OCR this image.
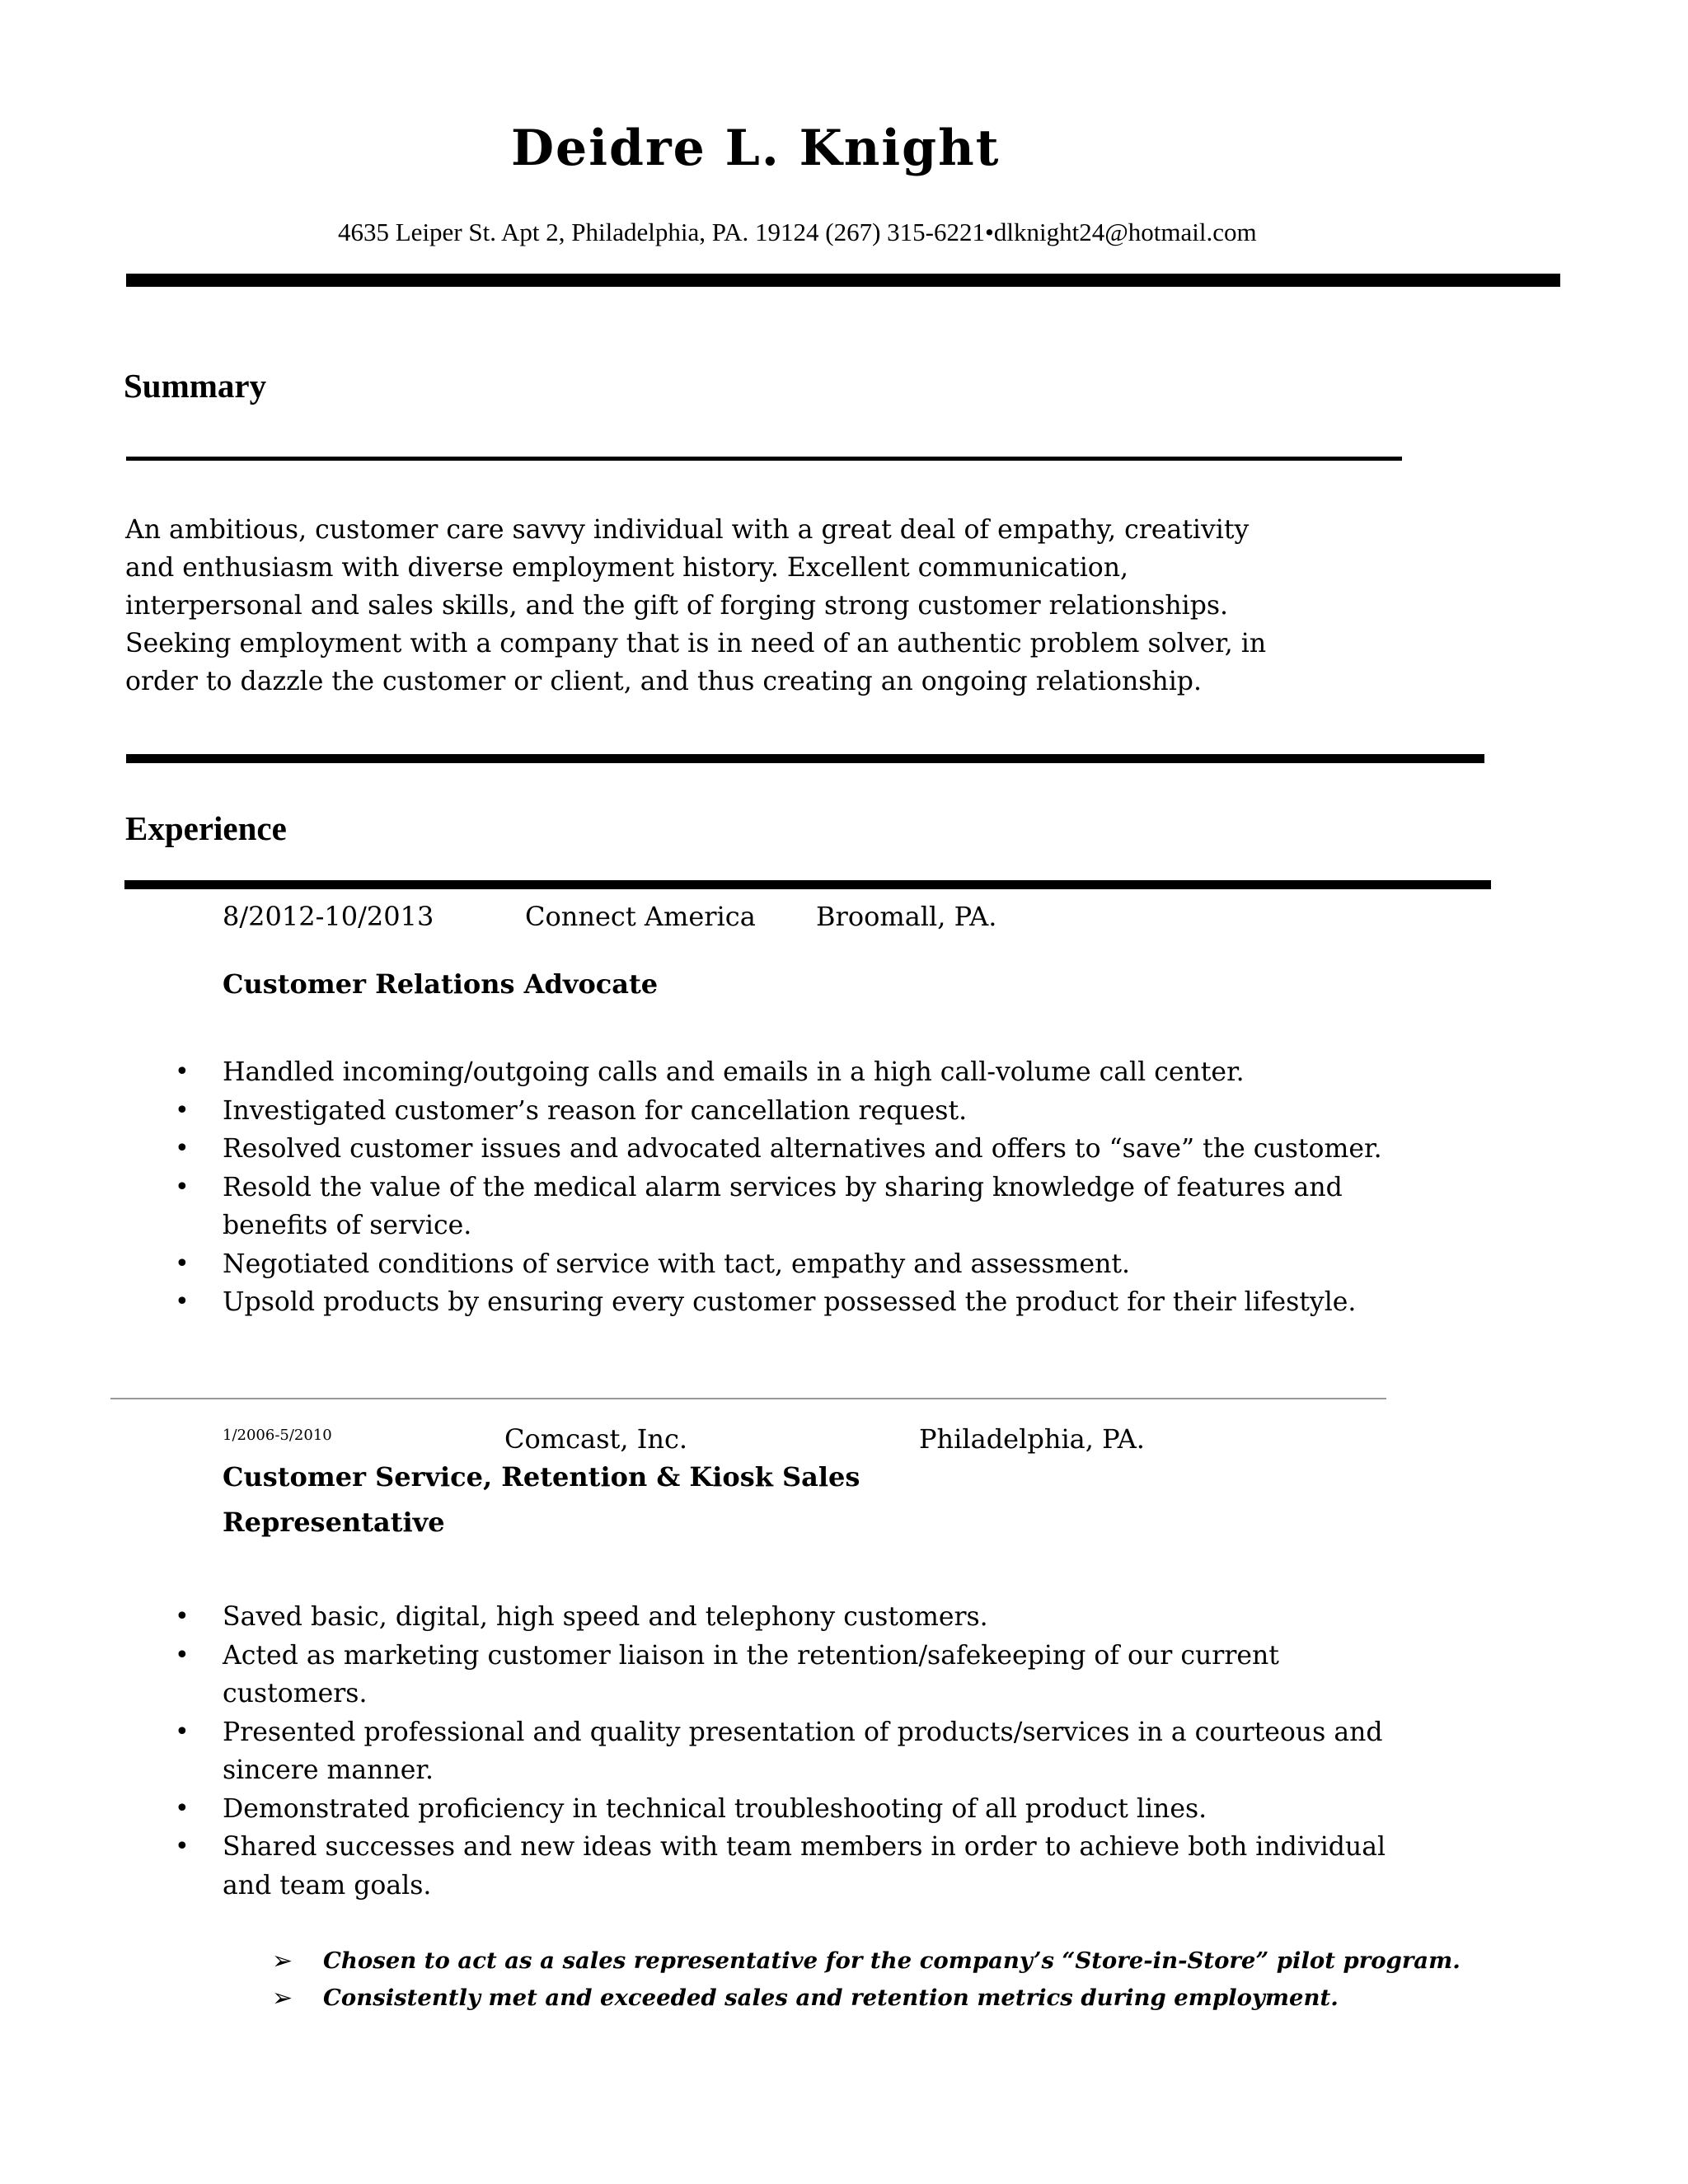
Deidre L. Knight
4635 Leiper St. Apt 2, Philadelphia, PA. 19124 (267) 315-6221•dlknight24@hotmail.com
Summary
An ambitious, customer care savvy individual with a great deal of empathy, creativity
and enthusiasm with diverse employment history. Excellent communication,
interpersonal and sales skills, and the gift of forging strong customer relationships.
Seeking employment with a company that is in need of an authentic problem solver, in
order to dazzle the customer or client, and thus creating an ongoing relationship.
Experience
8/2012-10/2013	Connect America Broomall, PA.
Customer Relations Advocate
• Handled incoming/outgoing calls and emails in a high call-volume call center.
• Investigated customer’s reason for cancellation request.
• Resolved customer issues and advocated alternatives and offers to “save” the customer.
• Resold the value of the medical alarm services by sharing knowledge of features and
benefits of service.
• Negotiated conditions of service with tact, empathy and assessment.
• Upsold products by ensuring every customer possessed the product for their lifestyle.
1/2006-5/2010	Comcast, Inc.	Philadelphia, PA.
Customer Service, Retention & Kiosk Sales
Representative
• Saved basic, digital, high speed and telephony customers.
• Acted as marketing customer liaison in the retention/safekeeping of our current
customers.
• Presented professional and quality presentation of products/services in a courteous and
sincere manner.
• Demonstrated proficiency in technical troubleshooting of all product lines.
• Shared successes and new ideas with team members in order to achieve both individual
and team goals.
➢ Chosen to act as a sales representative for the company’s “Store-in-Store” pilot program.
➢ Consistently met and exceeded sales and retention metrics during employment.
